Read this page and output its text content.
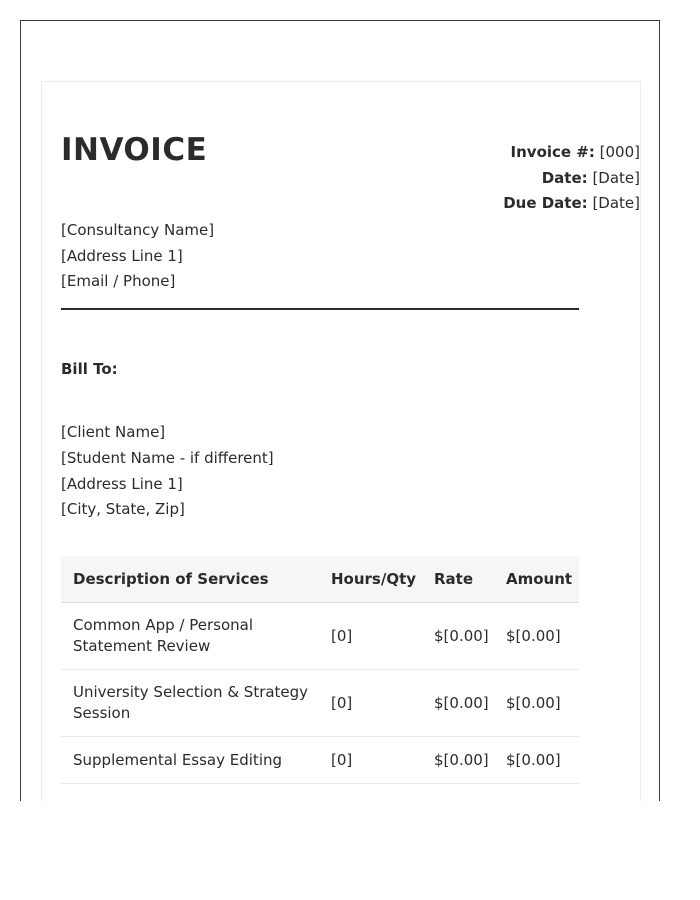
INVOICE	Invoice #: [000]
Date: [Date]
Due Date: [Date]
[Consultancy Name]
[Address Line 1]
[Email / Phone]
Bill To:
[Client Name]
[Student Name - if different]
[Address Line 1]
[City, State, Zip]
Description of Services	Hours/Qty	Rate	Amount
Common App / Personal Statement Review	[0]	$[0.00]	$[0.00]
University Selection & Strategy Session	[0]	$[0.00]	$[0.00]
Supplemental Essay Editing	[0]	$[0.00]	$[0.00]
